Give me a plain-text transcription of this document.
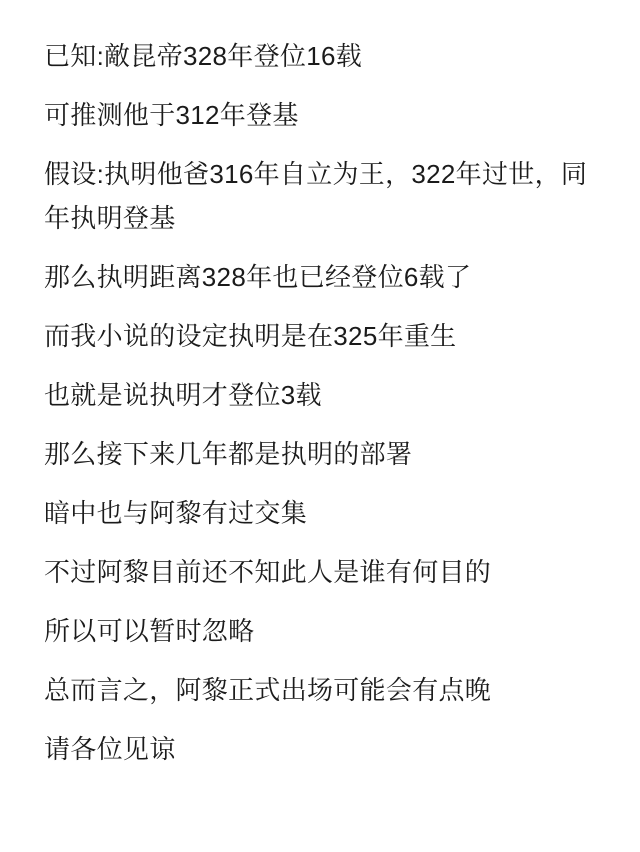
已知:敵昆帝328年登位16载

可推测他于312年登基

假设:执明他爸316年自立为王，322年过世，同年执明登基

那么执明距离328年也已经登位6载了

而我小说的设定执明是在325年重生

也就是说执明才登位3载

那么接下来几年都是执明的部署

暗中也与阿黎有过交集

不过阿黎目前还不知此人是谁有何目的

所以可以暂时忽略

总而言之，阿黎正式出场可能会有点晚

请各位见谅
